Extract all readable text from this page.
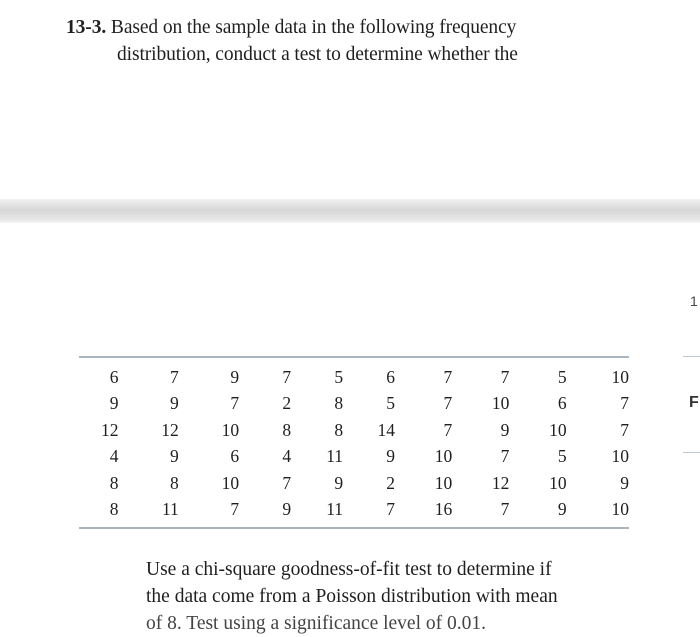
13-3. Based on the sample data in the following frequency
distribution, conduct a test to determine whether the
1
F
6	7	9	7	5	6	7	7	5	10
9	9	7	2	8	5	7	10	6	7
12	12	10	8	8	14	7	9	10	7
4	9	6	4	11	9	10	7	5	10
8	8	10	7	9	2	10	12	10	9
8	11	7	9	11	7	16	7	9	10
Use a chi-square goodness-of-fit test to determine if
the data come from a Poisson distribution with mean
of 8. Test using a significance level of 0.01.
